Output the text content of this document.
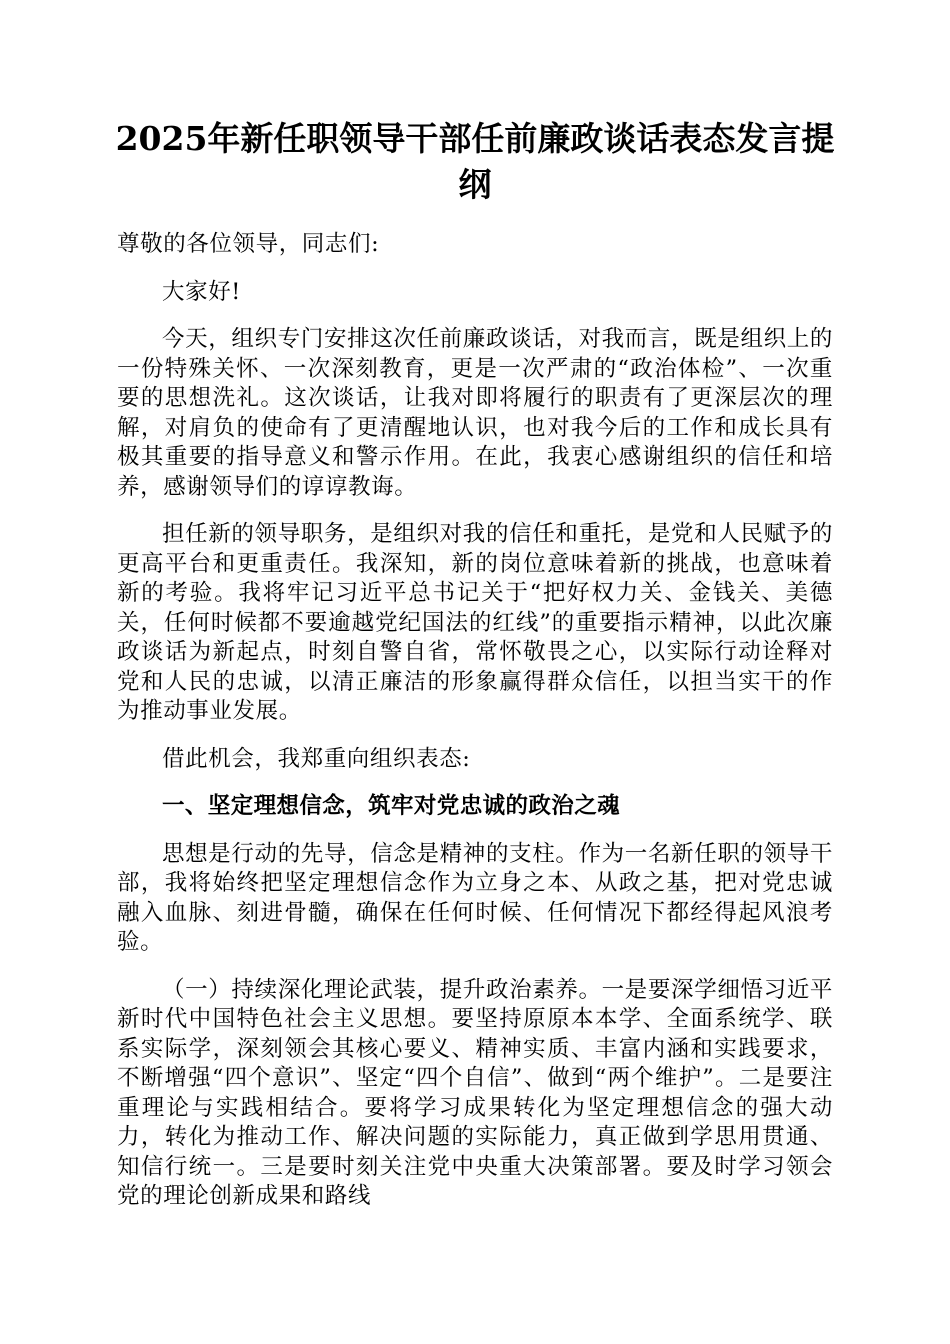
2025年新任职领导干部任前廉政谈话表态发言提纲

尊敬的各位领导，同志们:

大家好!

今天，组织专门安排这次任前廉政谈话，对我而言，既是组织上的一份特殊关怀、一次深刻教育，更是一次严肃的“政治体检”、一次重要的思想洗礼。这次谈话，让我对即将履行的职责有了更深层次的理解，对肩负的使命有了更清醒地认识，也对我今后的工作和成长具有极其重要的指导意义和警示作用。在此，我衷心感谢组织的信任和培养，感谢领导们的谆谆教诲。

担任新的领导职务，是组织对我的信任和重托，是党和人民赋予的更高平台和更重责任。我深知，新的岗位意味着新的挑战，也意味着新的考验。我将牢记习近平总书记关于“把好权力关、金钱关、美德关，任何时候都不要逾越党纪国法的红线”的重要指示精神，以此次廉政谈话为新起点，时刻自警自省，常怀敬畏之心，以实际行动诠释对党和人民的忠诚，以清正廉洁的形象赢得群众信任，以担当实干的作为推动事业发展。

借此机会，我郑重向组织表态:

一、坚定理想信念，筑牢对党忠诚的政治之魂

思想是行动的先导，信念是精神的支柱。作为一名新任职的领导干部，我将始终把坚定理想信念作为立身之本、从政之基，把对党忠诚融入血脉、刻进骨髓，确保在任何时候、任何情况下都经得起风浪考验。

（一）持续深化理论武装，提升政治素养。一是要深学细悟习近平新时代中国特色社会主义思想。要坚持原原本本学、全面系统学、联系实际学，深刻领会其核心要义、精神实质、丰富内涵和实践要求，不断增强“四个意识”、坚定“四个自信”、做到“两个维护”。二是要注重理论与实践相结合。要将学习成果转化为坚定理想信念的强大动力，转化为推动工作、解决问题的实际能力，真正做到学思用贯通、知信行统一。三是要时刻关注党中央重大决策部署。要及时学习领会党的理论创新成果和路线
